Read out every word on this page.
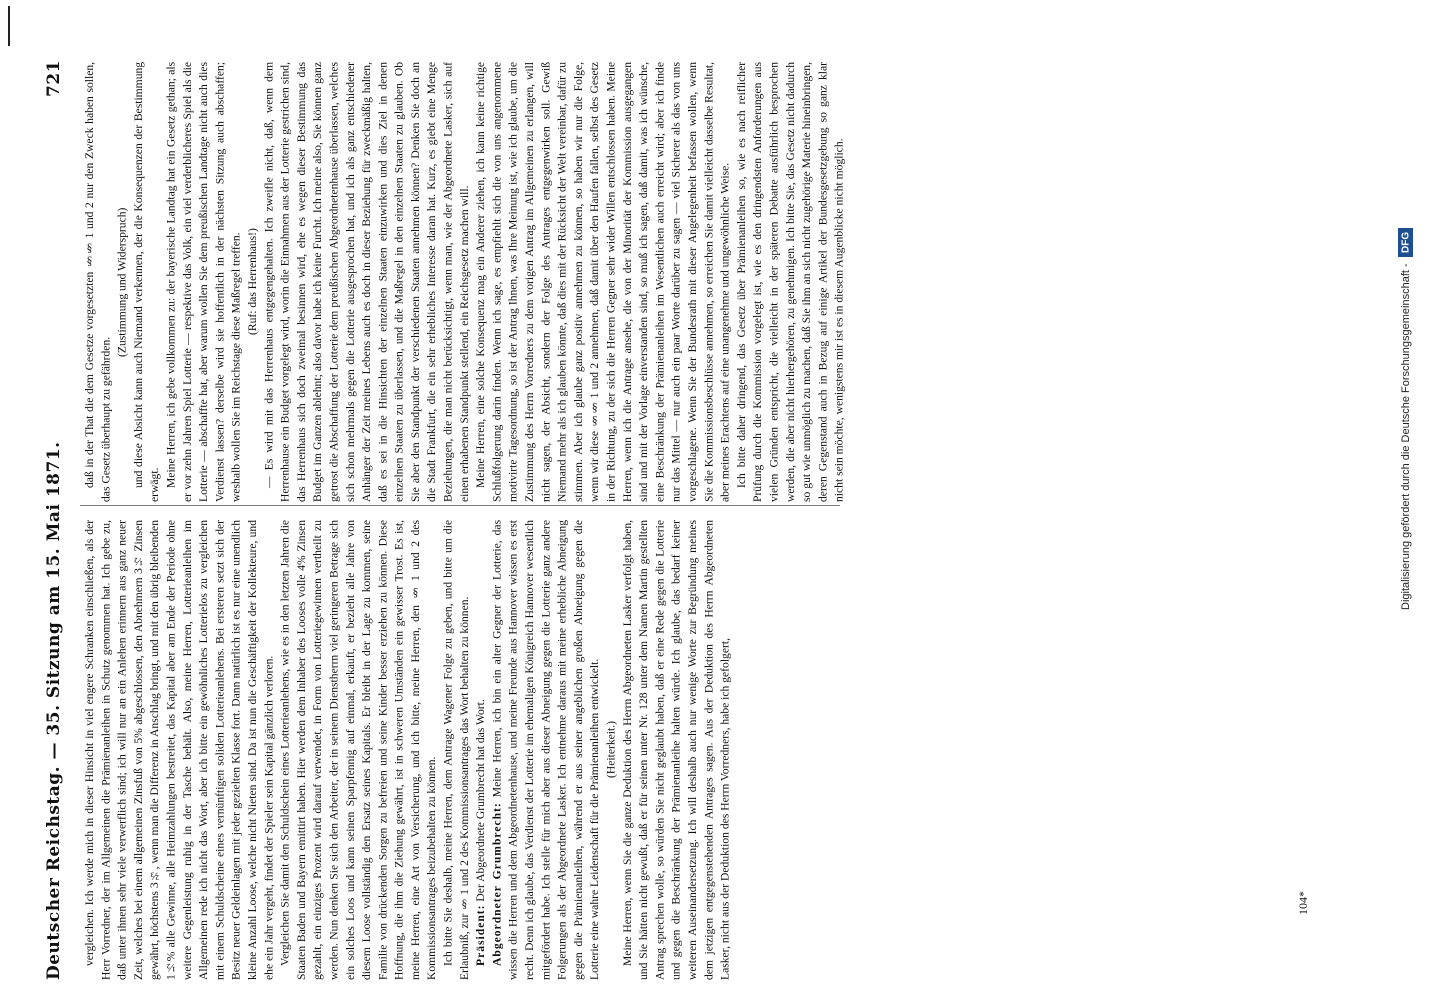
Deutscher Reichstag. — 35. Sitzung am 15. Mai 1871.
721

vergleichen. Ich werde mich in dieser Hinsicht in viel engere Schranken einschließen, als der Herr Vorredner, der im Allgemeinen die Prämienanleihen in Schutz genommen hat. Ich gebe zu, daß unter ihnen sehr viele verwerflich sind; ich will nur an ein Anlehen erinnern aus ganz neuer Zeit, welches bei einem allgemeinen Zinsfuß von 5% abgeschlossen, den Abnehmern 3½ Zinsen gewährt, höchstens 3⅔, wenn man die Differenz in Anschlag bringt, und mit den übrig bleibenden 1½% alle Gewinne, alle Heimzahlungen bestreitet, das Kapital aber am Ende der Periode ohne weitere Gegenleistung ruhig in der Tasche behält. Also, meine Herren, Lotterieanleihen im Allgemeinen rede ich nicht das Wort, aber ich bitte ein gewöhnliches Lotterielos zu vergleichen mit einem Schuldscheine eines vernünftigen soliden Lotterieanlehens. Bei ersteren setzt sich der Besitz neuer Geldeinlagen mit jeder gezielten Klasse fort. Dann natürlich ist es nur eine unendlich kleine Anzahl Loose, welche nicht Nieten sind. Da ist nun die Geschäftigkeit der Kollekteure, und ehe ein Jahr vergeht, findet der Spieler sein Kapital gänzlich verloren. Vergleichen Sie damit den Schuldschein eines Lotterieanlehens, wie es in den letzten Jahren die Staaten Baden und Bayern emittirt haben. Hier werden dem Inhaber des Looses volle 4% Zinsen gezahlt, ein einziges Prozent wird darauf verwendet, in Form von Lotteriegewinnen vertheilt zu werden. Nun denken Sie sich den Arbeiter, der in seinem Dienstherrn viel geringeren Betrage sich ein solches Loos und kann seinen Sparpfennig auf einmal, erkauft, er bezieht alle Jahre von diesem Loose vollständig den Ersatz seines Kapitals. Er bleibt in der Lage zu kommen, seine Familie von drückenden Sorgen zu befreien und seine Kinder besser erziehen zu können. Diese Hoffnung, die ihm die Ziehung gewährt, ist in schweren Umständen ein gewisser Trost. Es ist, meine Herren, eine Art von Versicherung, und ich bitte, meine Herren, den § 1 und 2 des Kommissionsantrages beizubehalten zu können. Ich bitte Sie deshalb, meine Herren, dem Antrage Wagener Folge zu geben, und bitte um die Erlaubniß, zur § 1 und 2 des Kommissionsantrages das Wort behalten zu können. Präsident: Der Abgeordnete Grumbrecht hat das Wort. Abgeordneter Grumbrecht: Meine Herren, ich bin ein alter Gegner der Lotterie, das wissen die Herren und dem Abgeordnetenhause, und meine Freunde aus Hannover wissen es erst recht. Denn ich glaube, das Verdienst der Lotterie im ehemaligen Königreich Hannover wesentlich mitgefördert habe. Ich stelle für mich aber aus dieser Abneigung gegen die Lotterie ganz andere Folgerungen als der Abgeordnete Lasker. Ich entnehme daraus mit meine erhebliche Abneigung gegen die Prämienanleihen, während er aus seiner angeblichen großen Abneigung gegen die Lotterie eine wahre Leidenschaft für die Prämienanleihen entwickelt. (Heiterkeit.) Meine Herren, wenn Sie die ganze Deduktion des Herrn Abgeordneten Lasker verfolgt haben, und Sie hätten nicht gewußt, daß er für seinen unter Nr. 128 unter dem Namen Martin gestellten Antrag sprechen wolle, so würden Sie nicht geglaubt haben, daß er eine Rede gegen die Lotterie und gegen die Beschränkung der Prämienanleihe halten würde. Ich glaube, das bedarf keiner weiteren Auseinandersetzung. Ich will deshalb auch nur wenige Worte zur Begründung meines dem jetzigen entgegenstehenden Antrages sagen. Aus der Deduktion des Herrn Abgeordneten Lasker, nicht aus der Deduktion des Herrn Vorredners, habe ich gefolgert,

daß in der That die dem Gesetze vorgesetzten §§ 1 und 2 nur den Zweck haben sollen, das Gesetz überhaupt zu gefährden.

(Zustimmung und Widerspruch) und diese Absicht kann auch Niemand verkennen, der die Konsequenzen der Bestimmung erwägt. Meine Herren, ich gebe vollkommen zu: der bayerische Landtag hat ein Gesetz gethan; als er vor zehn Jahren Spiel Lotterie — respektive das Volk, ein viel verderblicheres Spiel als die Lotterie — abschaffte hat, aber warum wollen Sie dem preußischen Landtage nicht auch dies Verdienst lassen? derselbe wird sie hoffentlich in der nächsten Sitzung auch abschaffen; weshalb wollen Sie im Reichstage diese Maßregel treffen. (Ruf: das Herrenhaus!) — Es wird mit das Herrenhaus entgegengehalten. Ich zweifle nicht, daß, wenn dem Herrenhause ein Budget vorgelegt wird, worin die Einnahmen aus der Lotterie gestrichen sind, das Herrenhaus sich doch zweimal besinnen wird, ehe es wegen dieser Bestimmung das Budget im Ganzen ablehnt; also davor habe ich keine Furcht. Ich meine also, Sie können ganz getrost die Abschaffung der Lotterie dem preußischen Abgeordnetenhause überlassen, welches sich schon mehrmals gegen die Lotterie ausgesprochen hat, und ich als ganz entschiedener Anhänger der Zeit meines Lebens auch es doch in dieser Beziehung für zweckmäßig halten, daß es sei in die Hinsichten der einzelnen Staaten einzuwirken und dies Ziel in denen einzelnen Staaten zu überlassen, und die Maßregel in den einzelnen Staaten zu glauben. Ob Sie aber den Standpunkt der verschiedenen Staaten annehmen können? Denken Sie doch an die Stadt Frankfurt, die ein sehr erhebliches Interesse daran hat. Kurz, es giebt eine Menge Beziehungen, die man nicht berücksichtigt, wenn man, wie der Abgeordnete Lasker, sich auf einen erhabenen Standpunkt stellend, ein Reichsgesetz machen will. Meine Herren, eine solche Konsequenz mag ein Anderer ziehen, ich kann keine richtige Schlußfolgerung darin finden. Wenn ich sage, es empfiehlt sich die von uns angenommene motivirte Tagesordnung, so ist der Antrag Ihnen, was Ihre Meinung ist, wie ich glaube, um die Zustimmung des Herrn Vorredners zu dem vorigen Antrag im Allgemeinen zu erlangen, will nicht sagen, der Absicht, sondern der Folge des Antrages entgegenwirken soll. Gewiß Niemand mehr als ich glauben könnte, daß dies mit der Rücksicht der Welt vereinbar, dafür zu stimmen. Aber ich glaube ganz positiv annehmen zu können, so haben wir nur die Folge, wenn wir diese §§ 1 und 2 annehmen, daß damit über den Haufen fallen, selbst des Gesetz in der Richtung, zu der sich die Herren Gegner sehr wider Willen entschlossen haben. Meine Herren, wenn ich die Antrage ansehe, die von der Minorität der Kommission ausgegangen sind und mit der Vorlage einverstanden sind, so muß ich sagen, daß damit, was ich wünsche, eine Beschränkung der Prämienanleihen im Wesentlichen auch erreicht wird; aber ich finde nur das Mittel — nur auch ein paar Worte darüber zu sagen — viel Sicherer als das von uns vorgeschlagene. Wenn Sie der Bundesrath mit dieser Angelegenheit befassen wollen, wenn Sie die Kommissionsbeschlüsse annehmen, so erreichen Sie damit vielleicht dasselbe Resultat, aber meines Erachtens auf eine unangenehme und ungewöhnliche Weise. Ich bitte daher dringend, das Gesetz über Prämienanleihen so, wie es nach reiflicher Prüfung durch die Kommission vorgelegt ist, wie es den dringendsten Anforderungen aus vielen Gründen entspricht, die vielleicht in der späteren Debatte ausführlich besprochen werden, die aber nicht hierhergehören, zu genehmigen. Ich bitte Sie, das Gesetz nicht dadurch so gut wie unmöglich zu machen, daß Sie ihm an sich nicht zugehörige Materie hineinbringen, deren Gegenstand auch in Bezug auf einige Artikel der Bundesgesetzgebung so ganz klar nicht sein möchte, wenigstens mir ist es in diesem Augenblicke nicht möglich.

104*
Digitalisierung gefördert durch die Deutsche Forschungsgemeinschaft -
DFG
